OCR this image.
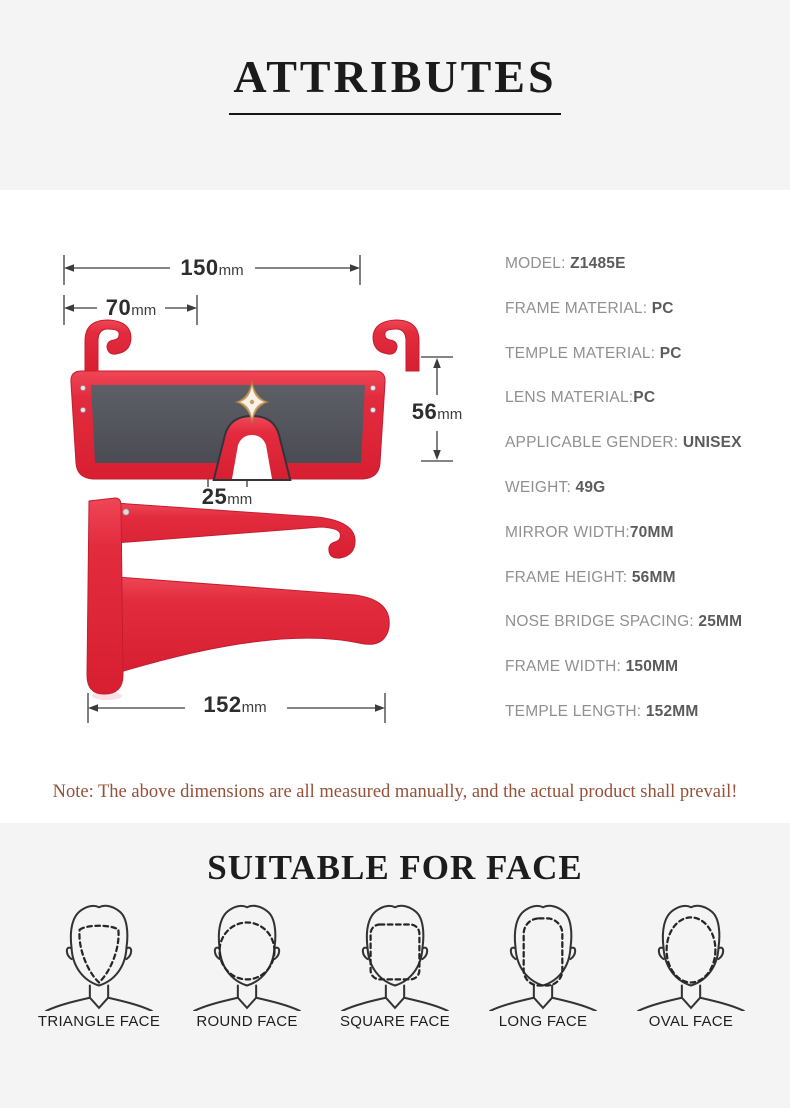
ATTRIBUTES
150mm
70mm
56mm
25mm
152mm
MODEL: Z1485E
FRAME MATERIAL: PC
TEMPLE MATERIAL: PC
LENS MATERIAL:PC
APPLICABLE GENDER: UNISEX
WEIGHT: 49G
MIRROR WIDTH:70MM
FRAME HEIGHT: 56MM
NOSE BRIDGE SPACING: 25MM
FRAME WIDTH: 150MM
TEMPLE LENGTH: 152MM

Note: The above dimensions are all measured manually, and the actual product shall prevail!

SUITABLE FOR FACE
TRIANGLE FACE	ROUND FACE	SQUARE FACE	LONG FACE	OVAL FACE
